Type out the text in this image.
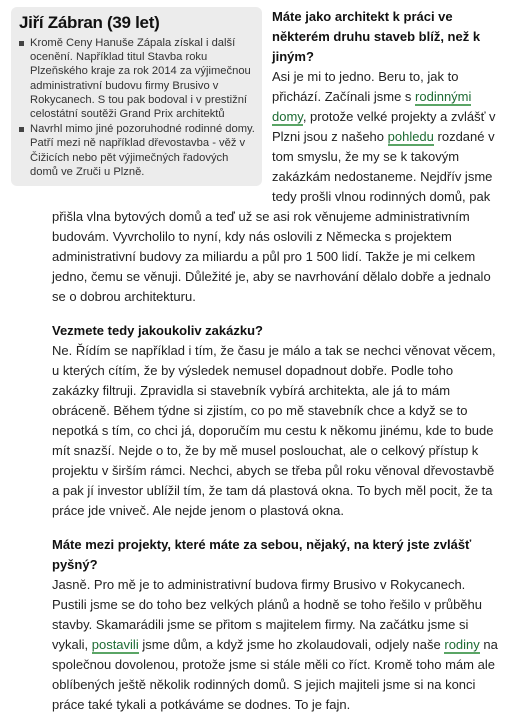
Jiří Zábran (39 let)
Kromě Ceny Hanuše Zápala získal i další ocenění. Například titul Stavba roku Plzeňského kraje za rok 2014 za výjimečnou administrativní budovu firmy Brusivo v Rokycanech. S tou pak bodoval i v prestižní celostátní soutěži Grand Prix architektů
Navrhl mimo jiné pozoruhodné rodinné domy. Patří mezi ně například dřevostavba - věž v Čižicích nebo pět výjimečných řadových domů ve Zruči u Plzně.

Máte jako architekt k práci ve některém druhu staveb blíž, než k jiným?

Asi je mi to jedno. Beru to, jak to přichází. Začínali jsme s rodinnými domy, protože velké projekty a zvlášť v Plzni jsou z našeho pohledu rozdané v tom smyslu, že my se k takovým zakázkám nedostaneme. Nejdřív jsme tedy prošli vlnou rodinných domů, pak přišla vlna bytových domů a teď už se asi rok věnujeme administrativním budovám. Vyvrcholilo to nyní, kdy nás oslovili z Německa s projektem administrativní budovy za miliardu a půl pro 1 500 lidí. Takže je mi celkem jedno, čemu se věnuji. Důležité je, aby se navrhování dělalo dobře a jednalo se o dobrou architekturu.

Vezmete tedy jakoukoliv zakázku?

Ne. Řídím se například i tím, že času je málo a tak se nechci věnovat věcem, u kterých cítím, že by výsledek nemusel dopadnout dobře. Podle toho zakázky filtruji. Zpravidla si stavebník vybírá architekta, ale já to mám obráceně. Během týdne si zjistím, co po mě stavebník chce a když se to nepotká s tím, co chci já, doporučím mu cestu k někomu jinému, kde to bude mít snazší. Nejde o to, že by mě musel poslouchat, ale o celkový přístup k projektu v širším rámci. Nechci, abych se třeba půl roku věnoval dřevostavbě a pak jí investor ublížil tím, že tam dá plastová okna. To bych měl pocit, že ta práce jde vniveč. Ale nejde jenom o plastová okna.

Máte mezi projekty, které máte za sebou, nějaký, na který jste zvlášť pyšný?

Jasně. Pro mě je to administrativní budova firmy Brusivo v Rokycanech. Pustili jsme se do toho bez velkých plánů a hodně se toho řešilo v průběhu stavby. Skamarádili jsme se přitom s majitelem firmy. Na začátku jsme si vykali, postavili jsme dům, a když jsme ho zkolaudovali, odjely naše rodiny na společnou dovolenou, protože jsme si stále měli co říct. Kromě toho mám ale oblíbených ještě několik rodinných domů. S jejich majiteli jsme si na konci práce také tykali a potkáváme se dodnes. To je fajn.
